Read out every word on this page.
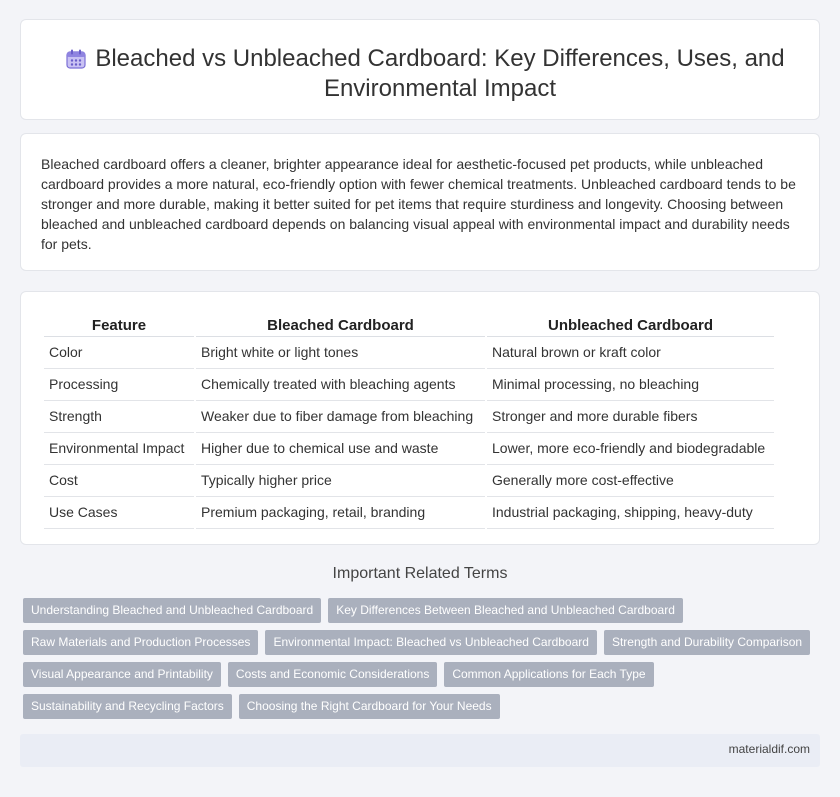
Bleached vs Unbleached Cardboard: Key Differences, Uses, and Environmental Impact

Bleached cardboard offers a cleaner, brighter appearance ideal for aesthetic-focused pet products, while unbleached cardboard provides a more natural, eco-friendly option with fewer chemical treatments. Unbleached cardboard tends to be stronger and more durable, making it better suited for pet items that require sturdiness and longevity. Choosing between bleached and unbleached cardboard depends on balancing visual appeal with environmental impact and durability needs for pets.

Feature	Bleached Cardboard	Unbleached Cardboard
Color	Bright white or light tones	Natural brown or kraft color
Processing	Chemically treated with bleaching agents	Minimal processing, no bleaching
Strength	Weaker due to fiber damage from bleaching	Stronger and more durable fibers
Environmental Impact	Higher due to chemical use and waste	Lower, more eco-friendly and biodegradable
Cost	Typically higher price	Generally more cost-effective
Use Cases	Premium packaging, retail, branding	Industrial packaging, shipping, heavy-duty
Important Related Terms
Understanding Bleached and Unbleached Cardboard	Key Differences Between Bleached and Unbleached Cardboard
Raw Materials and Production Processes	Environmental Impact: Bleached vs Unbleached Cardboard	Strength and Durability Comparison
Visual Appearance and Printability	Costs and Economic Considerations	Common Applications for Each Type
Sustainability and Recycling Factors	Choosing the Right Cardboard for Your Needs
materialdif.com
